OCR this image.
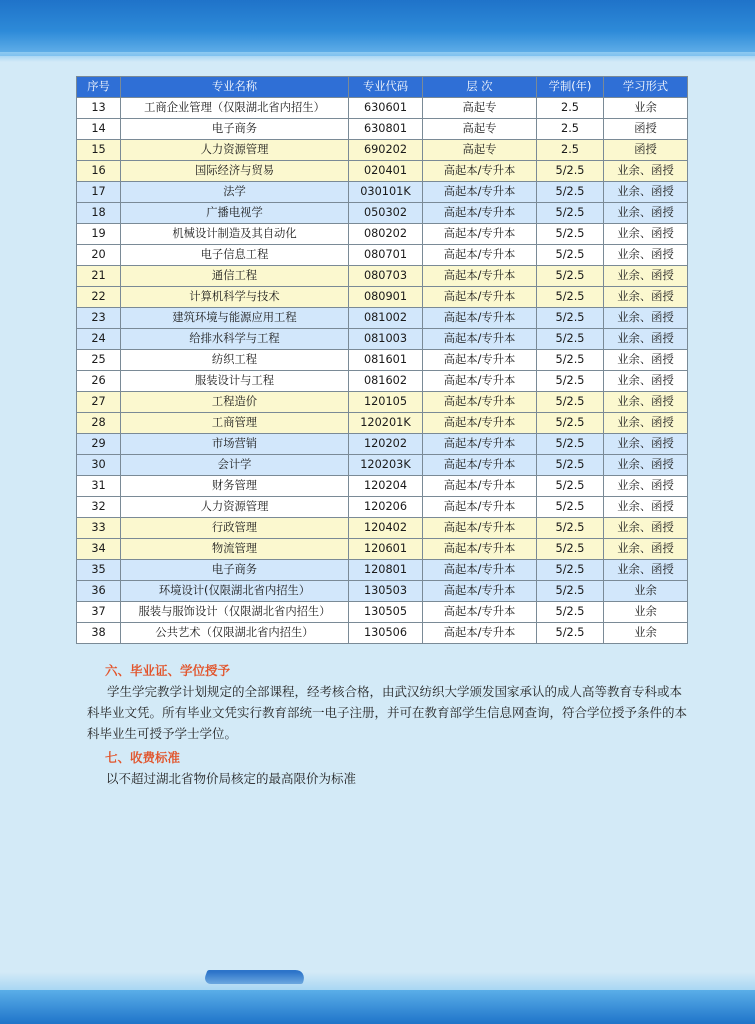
序号	专业名称	专业代码	层 次	学制(年)	学习形式
13	工商企业管理（仅限湖北省内招生）	630601	高起专	2.5	业余
14	电子商务	630801	高起专	2.5	函授
15	人力资源管理	690202	高起专	2.5	函授
16	国际经济与贸易	020401	高起本/专升本	5/2.5	业余、函授
17	法学	030101K	高起本/专升本	5/2.5	业余、函授
18	广播电视学	050302	高起本/专升本	5/2.5	业余、函授
19	机械设计制造及其自动化	080202	高起本/专升本	5/2.5	业余、函授
20	电子信息工程	080701	高起本/专升本	5/2.5	业余、函授
21	通信工程	080703	高起本/专升本	5/2.5	业余、函授
22	计算机科学与技术	080901	高起本/专升本	5/2.5	业余、函授
23	建筑环境与能源应用工程	081002	高起本/专升本	5/2.5	业余、函授
24	给排水科学与工程	081003	高起本/专升本	5/2.5	业余、函授
25	纺织工程	081601	高起本/专升本	5/2.5	业余、函授
26	服装设计与工程	081602	高起本/专升本	5/2.5	业余、函授
27	工程造价	120105	高起本/专升本	5/2.5	业余、函授
28	工商管理	120201K	高起本/专升本	5/2.5	业余、函授
29	市场营销	120202	高起本/专升本	5/2.5	业余、函授
30	会计学	120203K	高起本/专升本	5/2.5	业余、函授
31	财务管理	120204	高起本/专升本	5/2.5	业余、函授
32	人力资源管理	120206	高起本/专升本	5/2.5	业余、函授
33	行政管理	120402	高起本/专升本	5/2.5	业余、函授
34	物流管理	120601	高起本/专升本	5/2.5	业余、函授
35	电子商务	120801	高起本/专升本	5/2.5	业余、函授
36	环境设计(仅限湖北省内招生）	130503	高起本/专升本	5/2.5	业余
37	服装与服饰设计（仅限湖北省内招生）	130505	高起本/专升本	5/2.5	业余
38	公共艺术（仅限湖北省内招生）	130506	高起本/专升本	5/2.5	业余
六、毕业证、学位授予
学生学完教学计划规定的全部课程，经考核合格，由武汉纺织大学颁发国家承认的成人高等教育专科或本科毕业文凭。所有毕业文凭实行教育部统一电子注册，并可在教育部学生信息网查询，符合学位授予条件的本科毕业生可授予学士学位。
七、收费标准
以不超过湖北省物价局核定的最高限价为标准
